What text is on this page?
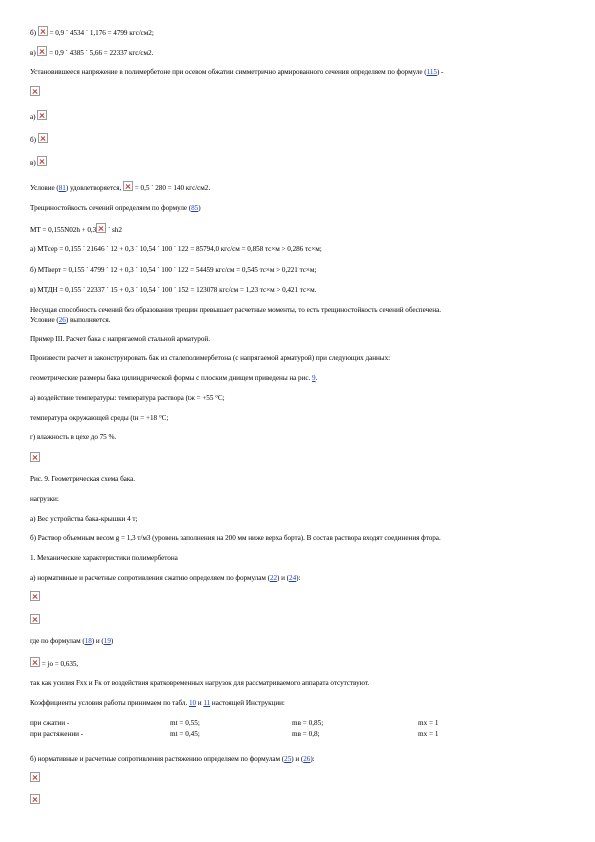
б)  = 0,9 ´ 4534 ´ 1,176 = 4799 кгс/см2;
в)  = 0,9 ´ 4385 ´ 5,66 = 22337 кгс/см2.
Установившееся напряжение в полимербетоне при осевом обжатии симметрично армированного сечения определяем по формуле (115) -
а)
б)
в)
Условие (81) удовлетворяется,  = 0,5 ´ 280 = 140 кгс/см2.
Трещиностойкость сечений определяем по формуле (85)
МТ = 0,155N02h + 0,3 ´ sh2
а) МТсер = 0,155 ´ 21646 ´ 12 + 0,3 ´ 10,54 ´ 100 ´ 122 = 85794,0 кгс/см = 0,858 тс×м > 0,286 тс×м;
б) МТверт = 0,155 ´ 4799 ´ 12 + 0,3 ´ 10,54 ´ 100 ´ 122 = 54459 кгс/см = 0,545 тс×м > 0,221 тс×м;
в) МТДН = 0,155 ´ 22337 ´ 15 + 0,3 ´ 10,54 ´ 100 ´ 152 = 123078 кгс/см = 1,23 тс×м > 0,421 тс×м.
Несущая способность сечений без образования трещин превышает расчетные моменты, то есть трещиностойкость сечений обеспечена.
Условие (26) выполняется.
Пример III. Расчет бака с напрягаемой стальной арматурой.
Произвести расчет и законструировать бак из сталеполимербетона (с напрягаемой арматурой) при следующих данных:
геометрические размеры бака цилиндрической формы с плоским днищем приведены на рис. 9.
а) воздействие температуры: температура раствора (tж = +55 °С;
температура окружающей среды (tн = +18 °С;
г) влажность в цехе до 75 %.
Рис. 9. Геометрическая схема бака.
нагрузки:
а) Вес устройства бака-крышки 4 т;
б) Раствор объемным весом g = 1,3 т/м3 (уровень заполнения на 200 мм ниже верха борта). В состав раствора входят соединения фтора.
1. Механические характеристики полимербетона
а) нормативные и расчетные сопротивления сжатию определяем по формулам (22) и (24):
где по формулам (18) и (19)
= jо = 0,635,
так как усилия Fхх и Fк от воздействия кратковременных нагрузок для рассматриваемого аппарата отсутствуют.
Коэффициенты условия работы принимаем по табл. 10 и 11 настоящей Инструкции:
при сжатии -	mt = 0,55;	mв = 0,85;	mх = 1
при растяжении -	mt = 0,45;	mв = 0,8;	mх = 1
б) нормативные и расчетные сопротивления растяжению определяем по формулам (25) и (26):
